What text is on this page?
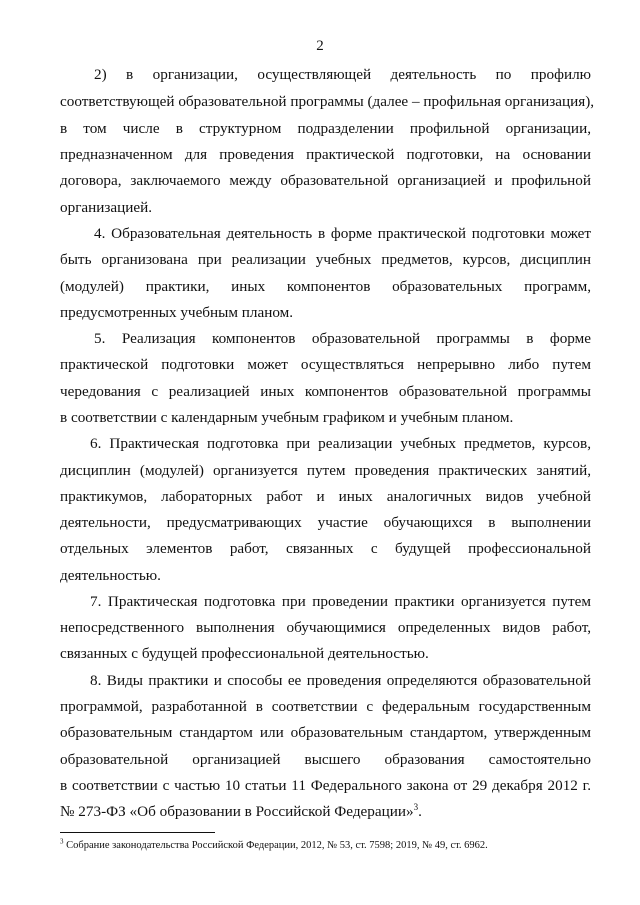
2
2) в организации, осуществляющей деятельность по профилю
соответствующей образовательной программы (далее – профильная организация),
в том числе в структурном подразделении профильной организации,
предназначенном для проведения практической подготовки, на основании
договора, заключаемого между образовательной организацией и профильной
организацией.
4. Образовательная деятельность в форме практической подготовки может
быть организована при реализации учебных предметов, курсов, дисциплин
(модулей) практики, иных компонентов образовательных программ,
предусмотренных учебным планом.
5. Реализация компонентов образовательной программы в форме
практической подготовки может осуществляться непрерывно либо путем
чередования с реализацией иных компонентов образовательной программы
в соответствии с календарным учебным графиком и учебным планом.
6. Практическая подготовка при реализации учебных предметов, курсов,
дисциплин (модулей) организуется путем проведения практических занятий,
практикумов, лабораторных работ и иных аналогичных видов учебной
деятельности, предусматривающих участие обучающихся в выполнении
отдельных элементов работ, связанных с будущей профессиональной
деятельностью.
7. Практическая подготовка при проведении практики организуется путем
непосредственного выполнения обучающимися определенных видов работ,
связанных с будущей профессиональной деятельностью.
8. Виды практики и способы ее проведения определяются образовательной
программой, разработанной в соответствии с федеральным государственным
образовательным стандартом или образовательным стандартом, утвержденным
образовательной организацией высшего образования самостоятельно
в соответствии с частью 10 статьи 11 Федерального закона от 29 декабря 2012 г.
№ 273-ФЗ «Об образовании в Российской Федерации»$^3$.
$^3$ Собрание законодательства Российской Федерации, 2012, № 53, ст. 7598; 2019, № 49, ст. 6962.
